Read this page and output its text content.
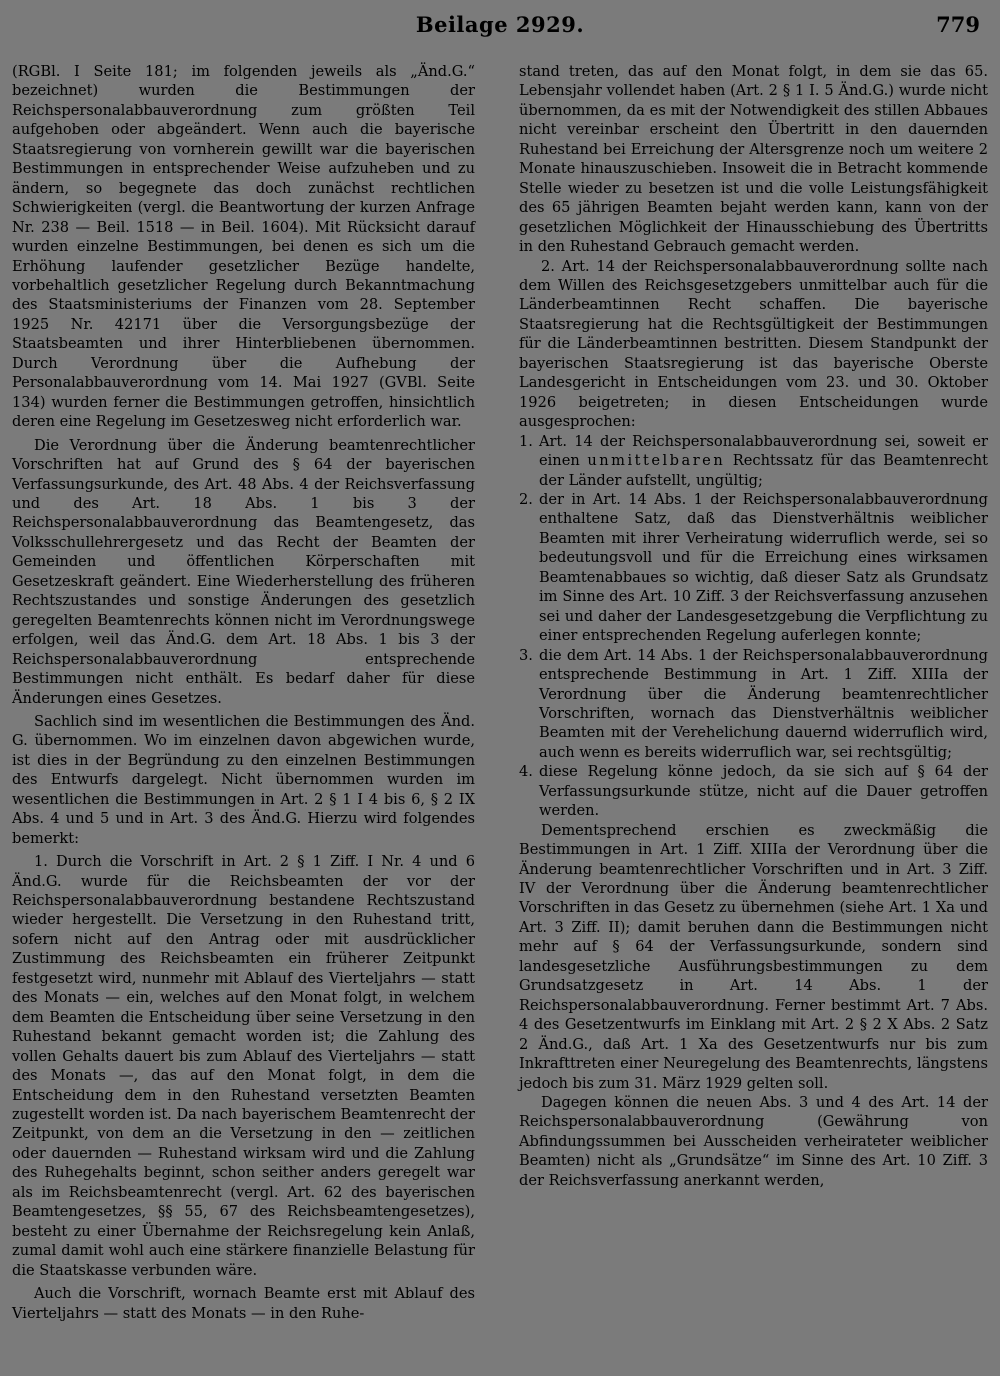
Beilage 2929.	779

(RGBl. I Seite 181; im folgenden jeweils als „Änd.G.“ bezeichnet) wurden die Bestimmungen der Reichspersonalabbauverordnung zum größten Teil aufgehoben oder abgeändert. Wenn auch die bayerische Staatsregierung von vornherein gewillt war die bayerischen Bestimmungen in entsprechender Weise aufzuheben und zu ändern, so begegnete das doch zunächst rechtlichen Schwierigkeiten (vergl. die Beantwortung der kurzen Anfrage Nr. 238 — Beil. 1518 — in Beil. 1604). Mit Rücksicht darauf wurden einzelne Bestimmungen, bei denen es sich um die Erhöhung laufender gesetzlicher Bezüge handelte, vorbehaltlich gesetzlicher Regelung durch Bekanntmachung des Staatsministeriums der Finanzen vom 28. September 1925 Nr. 42171 über die Versorgungsbezüge der Staatsbeamten und ihrer Hinterbliebenen übernommen. Durch Verordnung über die Aufhebung der Personalabbauverordnung vom 14. Mai 1927 (GVBl. Seite 134) wurden ferner die Bestimmungen getroffen, hinsichtlich deren eine Regelung im Gesetzesweg nicht erforderlich war.

Die Verordnung über die Änderung beamtenrechtlicher Vorschriften hat auf Grund des § 64 der bayerischen Verfassungsurkunde, des Art. 48 Abs. 4 der Reichsverfassung und des Art. 18 Abs. 1 bis 3 der Reichspersonalabbauverordnung das Beamtengesetz, das Volksschullehrergesetz und das Recht der Beamten der Gemeinden und öffentlichen Körperschaften mit Gesetzeskraft geändert. Eine Wiederherstellung des früheren Rechtszustandes und sonstige Änderungen des gesetzlich geregelten Beamtenrechts können nicht im Verordnungswege erfolgen, weil das Änd.G. dem Art. 18 Abs. 1 bis 3 der Reichspersonalabbauverordnung entsprechende Bestimmungen nicht enthält. Es bedarf daher für diese Änderungen eines Gesetzes.

Sachlich sind im wesentlichen die Bestimmungen des Änd. G. übernommen. Wo im einzelnen davon abgewichen wurde, ist dies in der Begründung zu den einzelnen Bestimmungen des Entwurfs dargelegt. Nicht übernommen wurden im wesentlichen die Bestimmungen in Art. 2 § 1 I 4 bis 6, § 2 IX Abs. 4 und 5 und in Art. 3 des Änd.G. Hierzu wird folgendes bemerkt:

1. Durch die Vorschrift in Art. 2 § 1 Ziff. I Nr. 4 und 6 Änd.G. wurde für die Reichsbeamten der vor der Reichspersonalabbauverordnung bestandene Rechtszustand wieder hergestellt. Die Versetzung in den Ruhestand tritt, sofern nicht auf den Antrag oder mit ausdrücklicher Zustimmung des Reichsbeamten ein früherer Zeitpunkt festgesetzt wird, nunmehr mit Ablauf des Vierteljahrs — statt des Monats — ein, welches auf den Monat folgt, in welchem dem Beamten die Entscheidung über seine Versetzung in den Ruhestand bekannt gemacht worden ist; die Zahlung des vollen Gehalts dauert bis zum Ablauf des Vierteljahrs — statt des Monats —, das auf den Monat folgt, in dem die Entscheidung dem in den Ruhestand versetzten Beamten zugestellt worden ist. Da nach bayerischem Beamtenrecht der Zeitpunkt, von dem an die Versetzung in den — zeitlichen oder dauernden — Ruhestand wirksam wird und die Zahlung des Ruhegehalts beginnt, schon seither anders geregelt war als im Reichsbeamtenrecht (vergl. Art. 62 des bayerischen Beamtengesetzes, §§ 55, 67 des Reichsbeamtengesetzes), besteht zu einer Übernahme der Reichsregelung kein Anlaß, zumal damit wohl auch eine stärkere finanzielle Belastung für die Staatskasse verbunden wäre.

Auch die Vorschrift, wornach Beamte erst mit Ablauf des Vierteljahrs — statt des Monats — in den Ruhe-

stand treten, das auf den Monat folgt, in dem sie das 65. Lebensjahr vollendet haben (Art. 2 § 1 I. 5 Änd.G.) wurde nicht übernommen, da es mit der Notwendigkeit des stillen Abbaues nicht vereinbar erscheint den Übertritt in den dauernden Ruhestand bei Erreichung der Altersgrenze noch um weitere 2 Monate hinauszuschieben. Insoweit die in Betracht kommende Stelle wieder zu besetzen ist und die volle Leistungsfähigkeit des 65 jährigen Beamten bejaht werden kann, kann von der gesetzlichen Möglichkeit der Hinausschiebung des Übertritts in den Ruhestand Gebrauch gemacht werden.

2. Art. 14 der Reichspersonalabbauverordnung sollte nach dem Willen des Reichsgesetzgebers unmittelbar auch für die Länderbeamtinnen Recht schaffen. Die bayerische Staatsregierung hat die Rechtsgültigkeit der Bestimmungen für die Länderbeamtinnen bestritten. Diesem Standpunkt der bayerischen Staatsregierung ist das bayerische Oberste Landesgericht in Entscheidungen vom 23. und 30. Oktober 1926 beigetreten; in diesen Entscheidungen wurde ausgesprochen:

1. Art. 14 der Reichspersonalabbauverordnung sei, soweit er einen unmittelbaren Rechtssatz für das Beamtenrecht der Länder aufstellt, ungültig;
2. der in Art. 14 Abs. 1 der Reichspersonalabbauverordnung enthaltene Satz, daß das Dienstverhältnis weiblicher Beamten mit ihrer Verheiratung widerruflich werde, sei so bedeutungsvoll und für die Erreichung eines wirksamen Beamtenabbaues so wichtig, daß dieser Satz als Grundsatz im Sinne des Art. 10 Ziff. 3 der Reichsverfassung anzusehen sei und daher der Landesgesetzgebung die Verpflichtung zu einer entsprechenden Regelung auferlegen konnte;
3. die dem Art. 14 Abs. 1 der Reichspersonalabbauverordnung entsprechende Bestimmung in Art. 1 Ziff. XIIIa der Verordnung über die Änderung beamtenrechtlicher Vorschriften, wornach das Dienstverhältnis weiblicher Beamten mit der Verehelichung dauernd widerruflich wird, auch wenn es bereits widerruflich war, sei rechtsgültig;
4. diese Regelung könne jedoch, da sie sich auf § 64 der Verfassungsurkunde stütze, nicht auf die Dauer getroffen werden.

Dementsprechend erschien es zweckmäßig die Bestimmungen in Art. 1 Ziff. XIIIa der Verordnung über die Änderung beamtenrechtlicher Vorschriften und in Art. 3 Ziff. IV der Verordnung über die Änderung beamtenrechtlicher Vorschriften in das Gesetz zu übernehmen (siehe Art. 1 Xa und Art. 3 Ziff. II); damit beruhen dann die Bestimmungen nicht mehr auf § 64 der Verfassungsurkunde, sondern sind landesgesetzliche Ausführungsbestimmungen zu dem Grundsatzgesetz in Art. 14 Abs. 1 der Reichspersonalabbauverordnung. Ferner bestimmt Art. 7 Abs. 4 des Gesetzentwurfs im Einklang mit Art. 2 § 2 X Abs. 2 Satz 2 Änd.G., daß Art. 1 Xa des Gesetzentwurfs nur bis zum Inkrafttreten einer Neuregelung des Beamtenrechts, längstens jedoch bis zum 31. März 1929 gelten soll.

Dagegen können die neuen Abs. 3 und 4 des Art. 14 der Reichspersonalabbauverordnung (Gewährung von Abfindungssummen bei Ausscheiden verheirateter weiblicher Beamten) nicht als „Grundsätze“ im Sinne des Art. 10 Ziff. 3 der Reichsverfassung anerkannt werden,
